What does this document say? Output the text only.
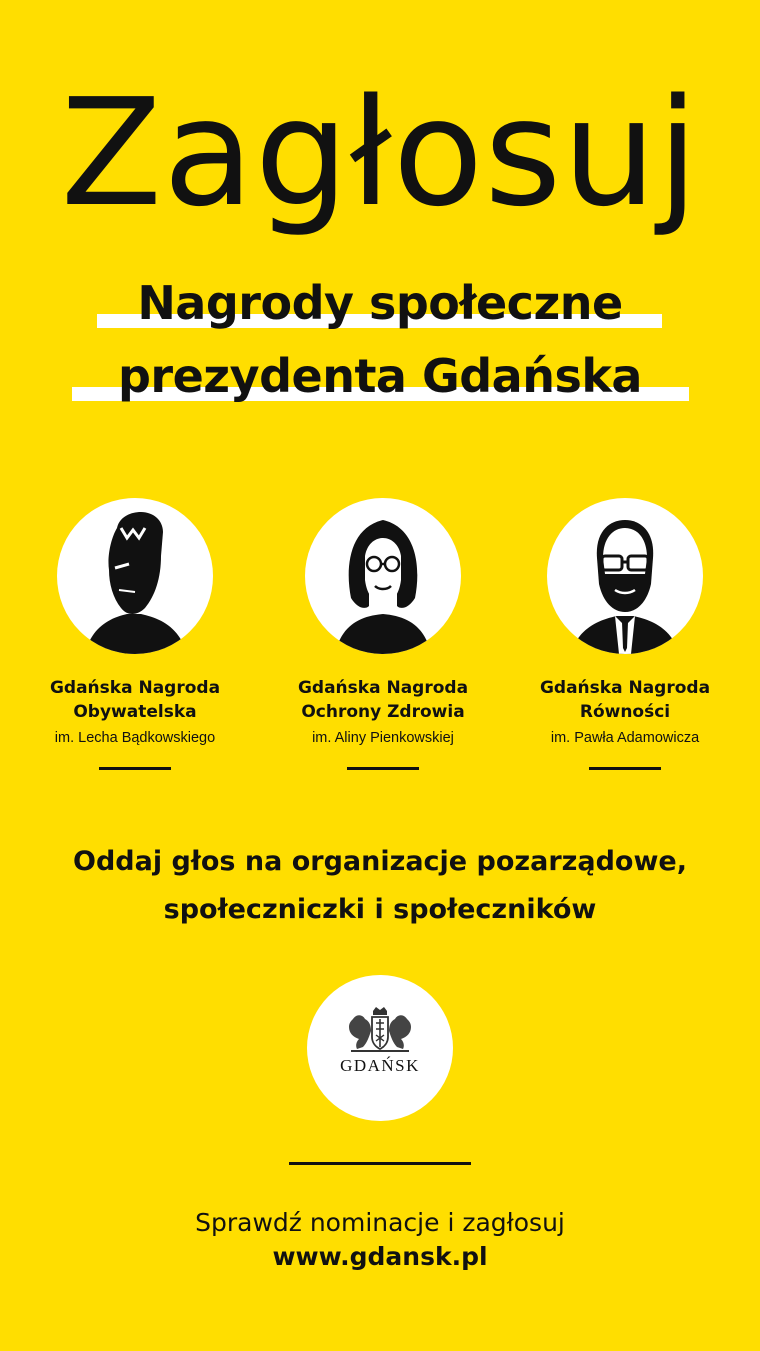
Zagłosuj
Nagrody społeczne
prezydenta Gdańska
Gdańska Nagroda
Obywatelska
im. Lecha Bądkowskiego
Gdańska Nagroda
Ochrony Zdrowia
im. Aliny Pienkowskiej
Gdańska Nagroda
Równości
im. Pawła Adamowicza
Oddaj głos na organizacje pozarządowe,
społeczniczki i społeczników
GDAŃSK
Sprawdź nominacje i zagłosuj
www.gdansk.pl
